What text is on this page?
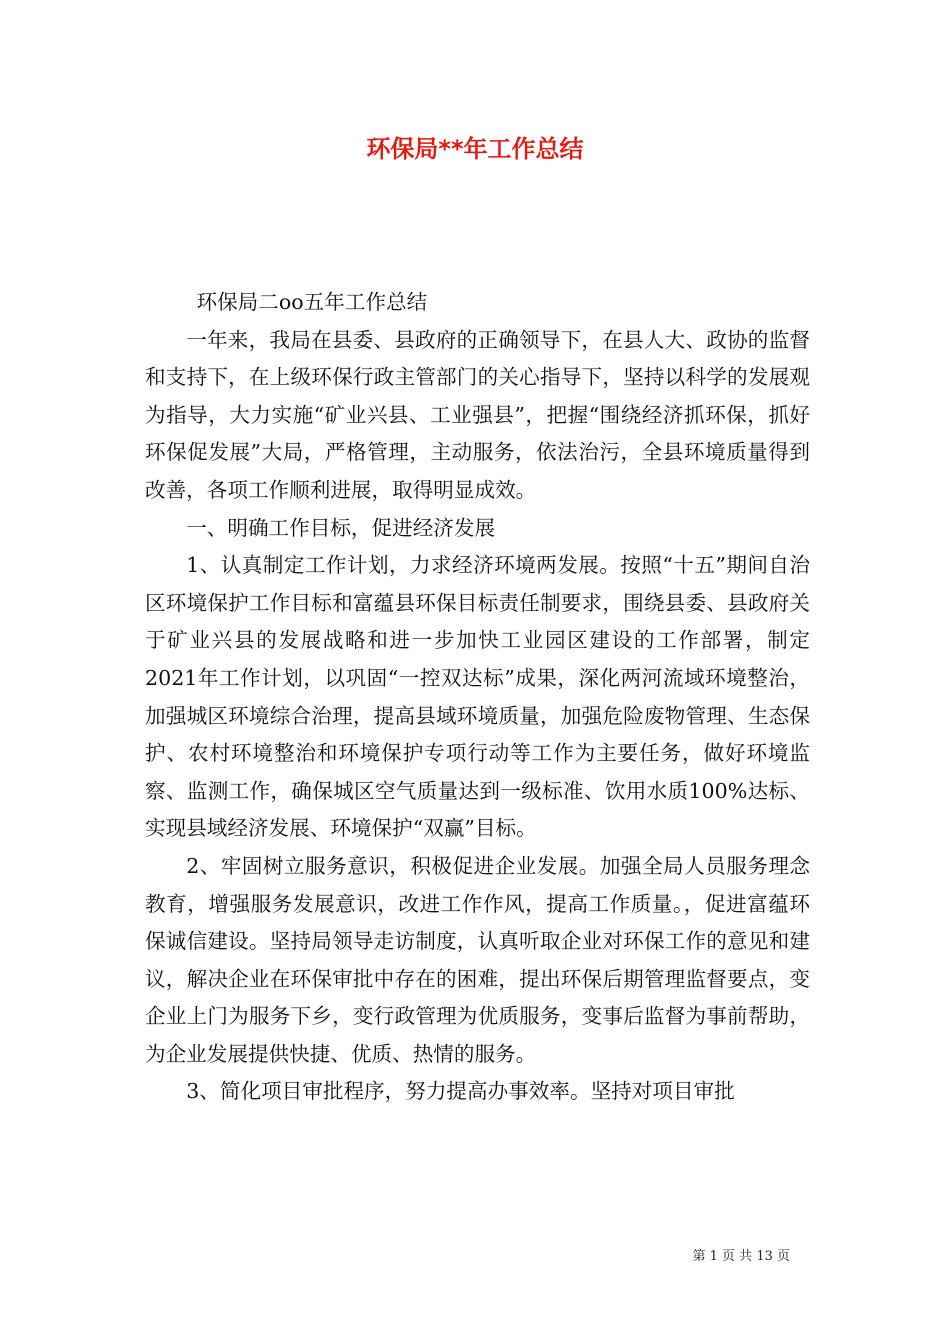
环保局**年工作总结

环保局二oo五年工作总结

一年来，我局在县委、县政府的正确领导下，在县人大、政协的监督和支持下，在上级环保行政主管部门的关心指导下，坚持以科学的发展观为指导，大力实施“矿业兴县、工业强县”，把握“围绕经济抓环保，抓好环保促发展”大局，严格管理，主动服务，依法治污，全县环境质量得到改善，各项工作顺利进展，取得明显成效。

一、明确工作目标，促进经济发展

1、认真制定工作计划，力求经济环境两发展。按照“十五”期间自治区环境保护工作目标和富蕴县环保目标责任制要求，围绕县委、县政府关于矿业兴县的发展战略和进一步加快工业园区建设的工作部署，制定2021年工作计划，以巩固“一控双达标”成果，深化两河流域环境整治，加强城区环境综合治理，提高县域环境质量，加强危险废物管理、生态保护、农村环境整治和环境保护专项行动等工作为主要任务，做好环境监察、监测工作，确保城区空气质量达到一级标准、饮用水质100%达标、实现县域经济发展、环境保护“双赢”目标。

2、牢固树立服务意识，积极促进企业发展。加强全局人员服务理念教育，增强服务发展意识，改进工作作风，提高工作质量。，促进富蕴环保诚信建设。坚持局领导走访制度，认真听取企业对环保工作的意见和建议，解决企业在环保审批中存在的困难，提出环保后期管理监督要点，变企业上门为服务下乡，变行政管理为优质服务，变事后监督为事前帮助，为企业发展提供快捷、优质、热情的服务。

3、简化项目审批程序，努力提高办事效率。坚持对项目审批

第 1 页 共 13 页
